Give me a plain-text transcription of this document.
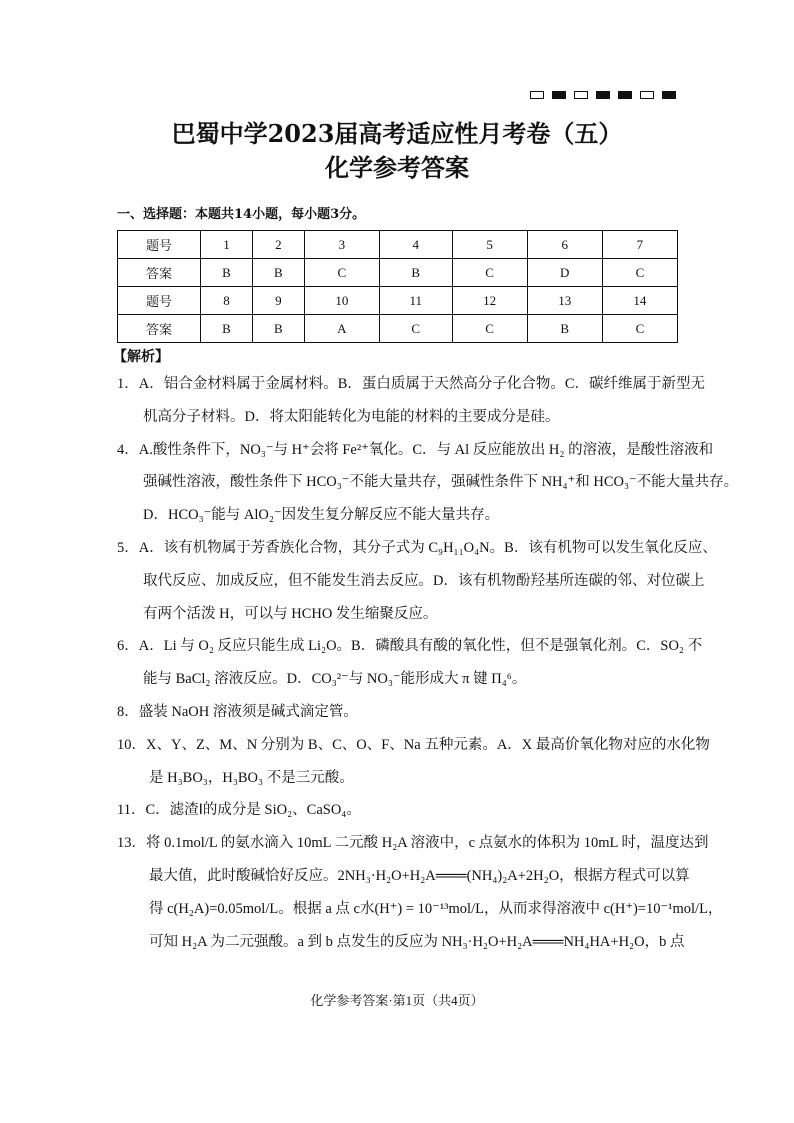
巴蜀中学2023届高考适应性月考卷（五）
化学参考答案
一、选择题：本题共14小题，每小题3分。
题号	1	2	3	4	5	6	7
答案	B	B	C	B	C	D	C
题号	8	9	10	11	12	13	14
答案	B	B	A	C	C	B	C
【解析】
1．A．铝合金材料属于金属材料。B．蛋白质属于天然高分子化合物。C．碳纤维属于新型无
机高分子材料。D．将太阳能转化为电能的材料的主要成分是硅。
4．A.酸性条件下，NO₃⁻与 H⁺会将 Fe²⁺氧化。C．与 Al 反应能放出 H₂ 的溶液，是酸性溶液和
强碱性溶液，酸性条件下 HCO₃⁻不能大量共存，强碱性条件下 NH₄⁺和 HCO₃⁻不能大量共存。
D．HCO₃⁻能与 AlO₂⁻因发生复分解反应不能大量共存。
5．A．该有机物属于芳香族化合物，其分子式为 C₉H₁₁O₄N。B．该有机物可以发生氧化反应、
取代反应、加成反应，但不能发生消去反应。D．该有机物酚羟基所连碳的邻、对位碳上
有两个活泼 H，可以与 HCHO 发生缩聚反应。
6．A．Li 与 O₂ 反应只能生成 Li₂O。B．磷酸具有酸的氧化性，但不是强氧化剂。C．SO₂ 不
能与 BaCl₂ 溶液反应。D．CO₃²⁻与 NO₃⁻能形成大 π 键 Π₄⁶。
8．盛装 NaOH 溶液须是碱式滴定管。
10．X、Y、Z、M、N 分别为 B、C、O、F、Na 五种元素。A．X 最高价氧化物对应的水化物
是 H₃BO₃，H₃BO₃ 不是三元酸。
11．C．滤渣Ⅰ的成分是 SiO₂、CaSO₄。
13．将 0.1mol/L 的氨水滴入 10mL 二元酸 H₂A 溶液中，c 点氨水的体积为 10mL 时，温度达到
最大值，此时酸碱恰好反应。2NH₃·H₂O+H₂A═══(NH₄)₂A+2H₂O，根据方程式可以算
得 c(H₂A)=0.05mol/L。根据 a 点 c水(H⁺) = 10⁻¹³mol/L，从而求得溶液中 c(H⁺)=10⁻¹mol/L，
可知 H₂A 为二元强酸。a 到 b 点发生的反应为 NH₃·H₂O+H₂A═══NH₄HA+H₂O，b 点
化学参考答案·第1页（共4页）
